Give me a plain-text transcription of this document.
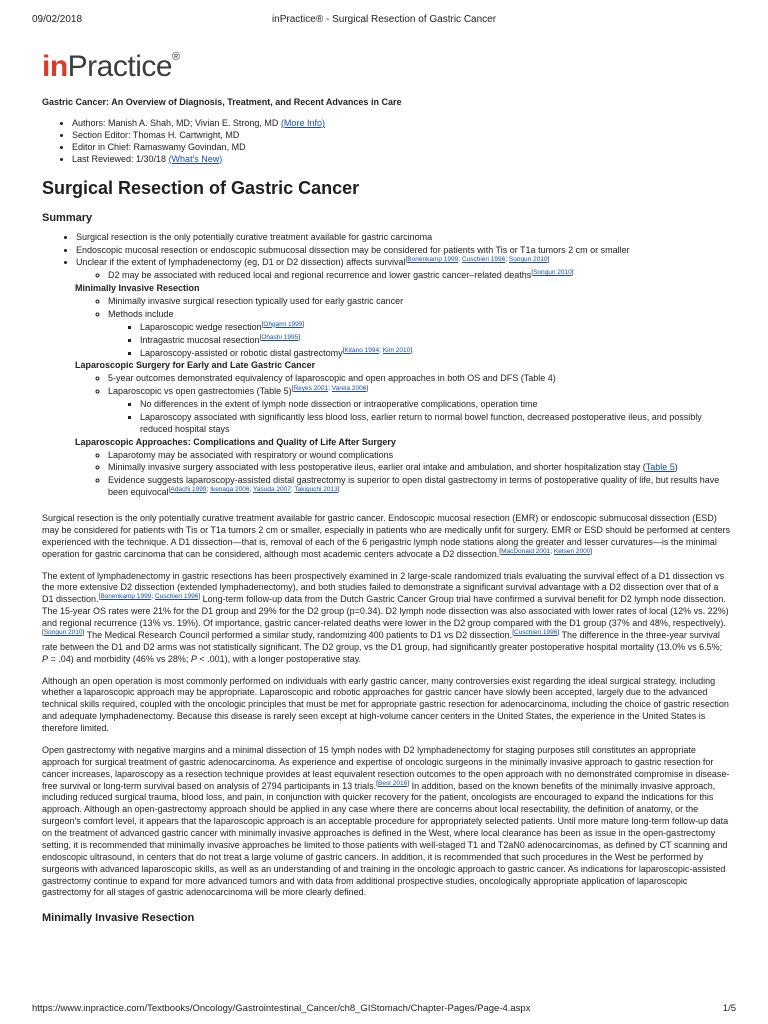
09/02/2018	inPractice® - Surgical Resection of Gastric Cancer
inPractice®
Gastric Cancer: An Overview of Diagnosis, Treatment, and Recent Advances in Care
• Authors: Manish A. Shah, MD; Vivian E. Strong, MD (More Info)
• Section Editor: Thomas H. Cartwright, MD
• Editor in Chief: Ramaswamy Govindan, MD
• Last Reviewed: 1/30/18 (What's New)
Surgical Resection of Gastric Cancer
Summary
• Surgical resection is the only potentially curative treatment available for gastric carcinoma
• Endoscopic mucosal resection or endoscopic submucosal dissection may be considered for patients with Tis or T1a tumors 2 cm or smaller
• Unclear if the extent of lymphadenectomy (eg, D1 or D2 dissection) affects survival[Bonenkamp 1999; Cuschieri 1996; Songun 2010]
◦ D2 may be associated with reduced local and regional recurrence and lower gastric cancer–related deaths[Songun 2010]
Minimally Invasive Resection
◦ Minimally invasive surgical resection typically used for early gastric cancer
◦ Methods include
▪ Laparoscopic wedge resection[Ohgami 1999]
▪ Intragastric mucosal resection[Ohashi 1995]
▪ Laparoscopy-assisted or robotic distal gastrectomy[Kitano 1994; Kim 2010]
Laparoscopic Surgery for Early and Late Gastric Cancer
◦ 5-year outcomes demonstrated equivalency of laparoscopic and open approaches in both OS and DFS (Table 4)
◦ Laparoscopic vs open gastrectomies (Table 5)[Reyes 2001; Varela 2006]
▪ No differences in the extent of lymph node dissection or intraoperative complications, operation time
▪ Laparoscopy associated with significantly less blood loss, earlier return to normal bowel function, decreased postoperative ileus, and possibly reduced hospital stays
Laparoscopic Approaches: Complications and Quality of Life After Surgery
◦ Laparotomy may be associated with respiratory or wound complications
◦ Minimally invasive surgery associated with less postoperative ileus, earlier oral intake and ambulation, and shorter hospitalization stay (Table 5)
◦ Evidence suggests laparoscopy-assisted distal gastrectomy is superior to open distal gastrectomy in terms of postoperative quality of life, but results have been equivocal[Adachi 1999; Ikenaga 2006; Yasuda 2007; Takiguchi 2013]

Surgical resection is the only potentially curative treatment available for gastric cancer. Endoscopic mucosal resection (EMR) or endoscopic submucosal dissection (ESD) may be considered for patients with Tis or T1a tumors 2 cm or smaller, especially in patients who are medically unfit for surgery. EMR or ESD should be performed at centers experienced with the technique. A D1 dissection—that is, removal of each of the 6 perigastric lymph node stations along the greater and lesser curvatures—is the minimal operation for gastric carcinoma that can be considered, although most academic centers advocate a D2 dissection.[MacDonald 2001; Ketsen 2000]

The extent of lymphadenectomy in gastric resections has been prospectively examined in 2 large-scale randomized trials evaluating the survival effect of a D1 dissection vs the more extensive D2 dissection (extended lymphadenectomy), and both studies failed to demonstrate a significant survival advantage with a D2 dissection over that of a D1 dissection.[Bonenkamp 1999; Cuschieri 1996] Long-term follow-up data from the Dutch Gastric Cancer Group trial have confirmed a survival benefit for D2 lymph node dissection. The 15-year OS rates were 21% for the D1 group and 29% for the D2 group (p=0.34). D2 lymph node dissection was also associated with lower rates of local (12% vs. 22%) and regional recurrence (13% vs. 19%). Of importance, gastric cancer-related deaths were lower in the D2 group compared with the D1 group (37% and 48%, respectively).[Songun 2010] The Medical Research Council performed a similar study, randomizing 400 patients to D1 vs D2 dissection.[Cuschieri 1996] The difference in the three-year survival rate between the D1 and D2 arms was not statistically significant. The D2 group, vs the D1 group, had significantly greater postoperative hospital mortality (13.0% vs 6.5%; P = .04) and morbidity (46% vs 28%; P < .001), with a longer postoperative stay.

Although an open operation is most commonly performed on individuals with early gastric cancer, many controversies exist regarding the ideal surgical strategy, including whether a laparoscopic approach may be appropriate. Laparoscopic and robotic approaches for gastric cancer have slowly been accepted, largely due to the advanced technical skills required, coupled with the oncologic principles that must be met for appropriate gastric resection for adenocarcinoma, including the choice of gastric resection and adequate lymphadenectomy. Because this disease is rarely seen except at high-volume cancer centers in the United States, the experience in the United States is therefore limited.

Open gastrectomy with negative margins and a minimal dissection of 15 lymph nodes with D2 lymphadenectomy for staging purposes still constitutes an appropriate approach for surgical treatment of gastric adenocarcinoma. As experience and expertise of oncologic surgeons in the minimally invasive approach to gastric resection for cancer increases, laparoscopy as a resection technique provides at least equivalent resection outcomes to the open approach with no demonstrated compromise in disease-free survival or long-term survival based on analysis of 2794 participants in 13 trials.[Best 2016] In addition, based on the known benefits of the minimally invasive approach, including reduced surgical trauma, blood loss, and pain, in conjunction with quicker recovery for the patient, oncologists are encouraged to expand the indications for this approach. Although an open-gastrectomy approach should be applied in any case where there are concerns about local resectability, the definition of anatomy, or the surgeon's comfort level, it appears that the laparoscopic approach is an acceptable procedure for appropriately selected patients. Until more mature long-term follow-up data on the treatment of advanced gastric cancer with minimally invasive approaches is defined in the West, where local clearance has been as issue in the open-gastrectomy setting, it is recommended that minimally invasive approaches be limited to those patients with well-staged T1 and T2aN0 adenocarcinomas, as defined by CT scanning and endoscopic ultrasound, in centers that do not treat a large volume of gastric cancers. In addition, it is recommended that such procedures in the West be performed by surgeons with advanced laparoscopic skills, as well as an understanding of and training in the oncologic approach to gastric cancer. As indications for laparoscopic-assisted gastrectomy continue to expand for more advanced tumors and with data from additional prospective studies, oncologically appropriate application of laparoscopic gastrectomy for all stages of gastric adenocarcinoma will be more clearly defined.

Minimally Invasive Resection
https://www.inpractice.com/Textbooks/Oncology/Gastrointestinal_Cancer/ch8_GIStomach/Chapter-Pages/Page-4.aspx	1/5
